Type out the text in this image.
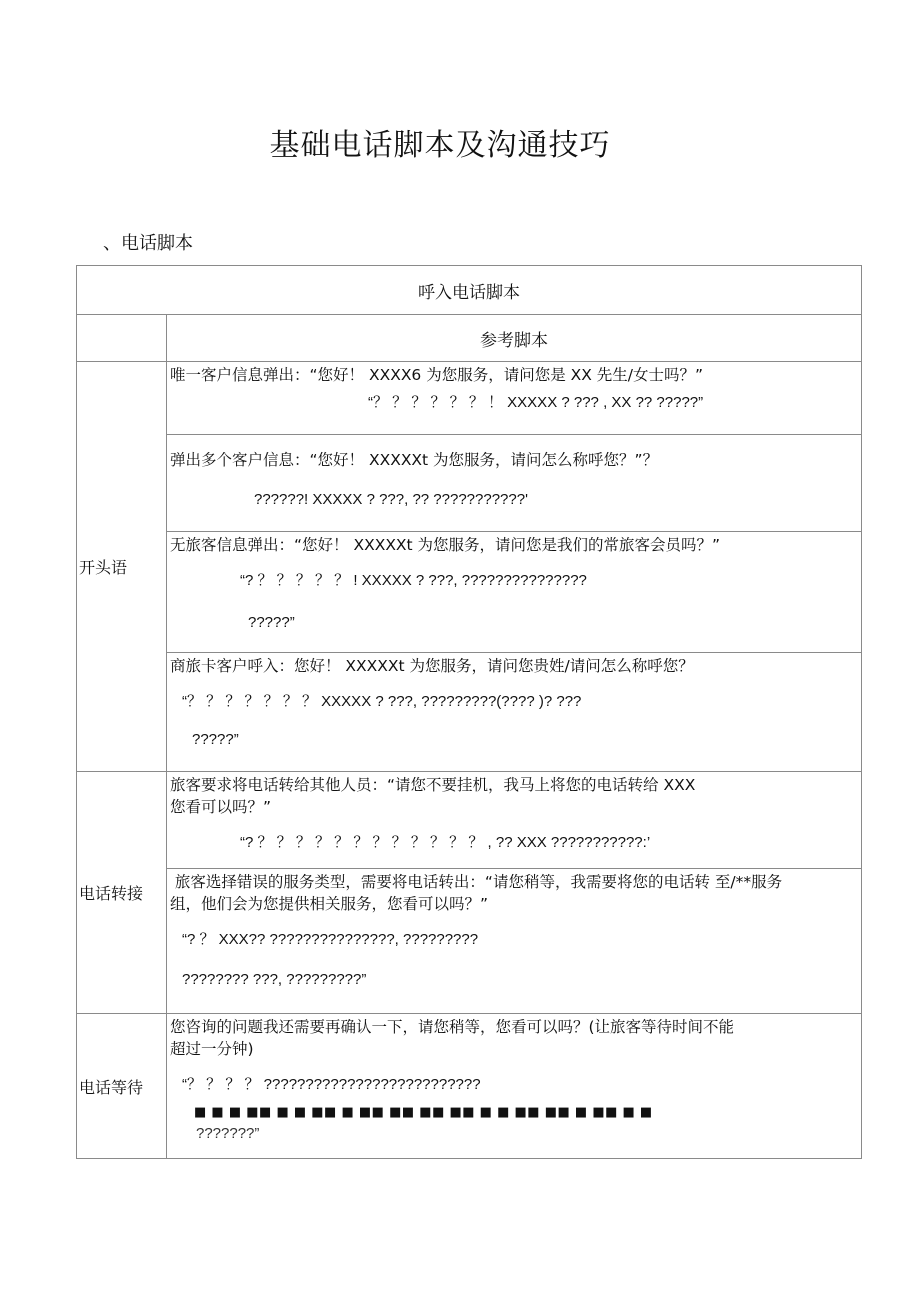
基础电话脚本及沟通技巧
、电话脚本
呼入电话脚本	
	参考脚本
开头语	唯一客户信息弹出：“您好！ XXXX6 为您服务，请问您是 XX 先生/女士吗？”
“？ ？ ？ ？ ？ ？ ！ XXXXX ? ??? , XX ?? ?????”

	弹出多个客户信息：“您好！ XXXXXt 为您服务，请问怎么称呼您？”？
??????! XXXXX ? ???, ?? ???????????'

	无旅客信息弹出：“您好！ XXXXXt 为您服务，请问您是我们的常旅客会员吗？”
“? ？ ？ ？ ？ ？ ! XXXXX ? ???, ???????????????
?????”

	商旅卡客户呼入：您好！ XXXXXt 为您服务，请问您贵姓/请问怎么称呼您？
“？ ？ ？ ？ ？ ？ ？ XXXXX ? ???, ?????????(???? )? ???
?????”

电话转接	旅客要求将电话转给其他人员：“请您不要挂机，我马上将您的电话转给 XXX
您看可以吗？”
“? ？ ？ ？ ？ ？ ？ ？ ？ ？ ？ ？ ？ , ?? XXX ???????????:’

	旅客选择错误的服务类型，需要将电话转出：“请您稍等，我需要将您的电话转 至/**服务
组，他们会为您提供相关服务，您看可以吗？”
“? ？ XXX?? ???????????????, ?????????
???????? ???, ?????????”

电话等待	您咨询的问题我还需要再确认一下，请您稍等，您看可以吗？(让旅客等待时间不能
超过一分钟)
“？ ？ ？ ？ ??????????????????????????
■ ■ ■ ■■ ■ ■ ■■ ■ ■■ ■■ ■■ ■■ ■ ■ ■■ ■■ ■ ■■ ■ ■
???????”
